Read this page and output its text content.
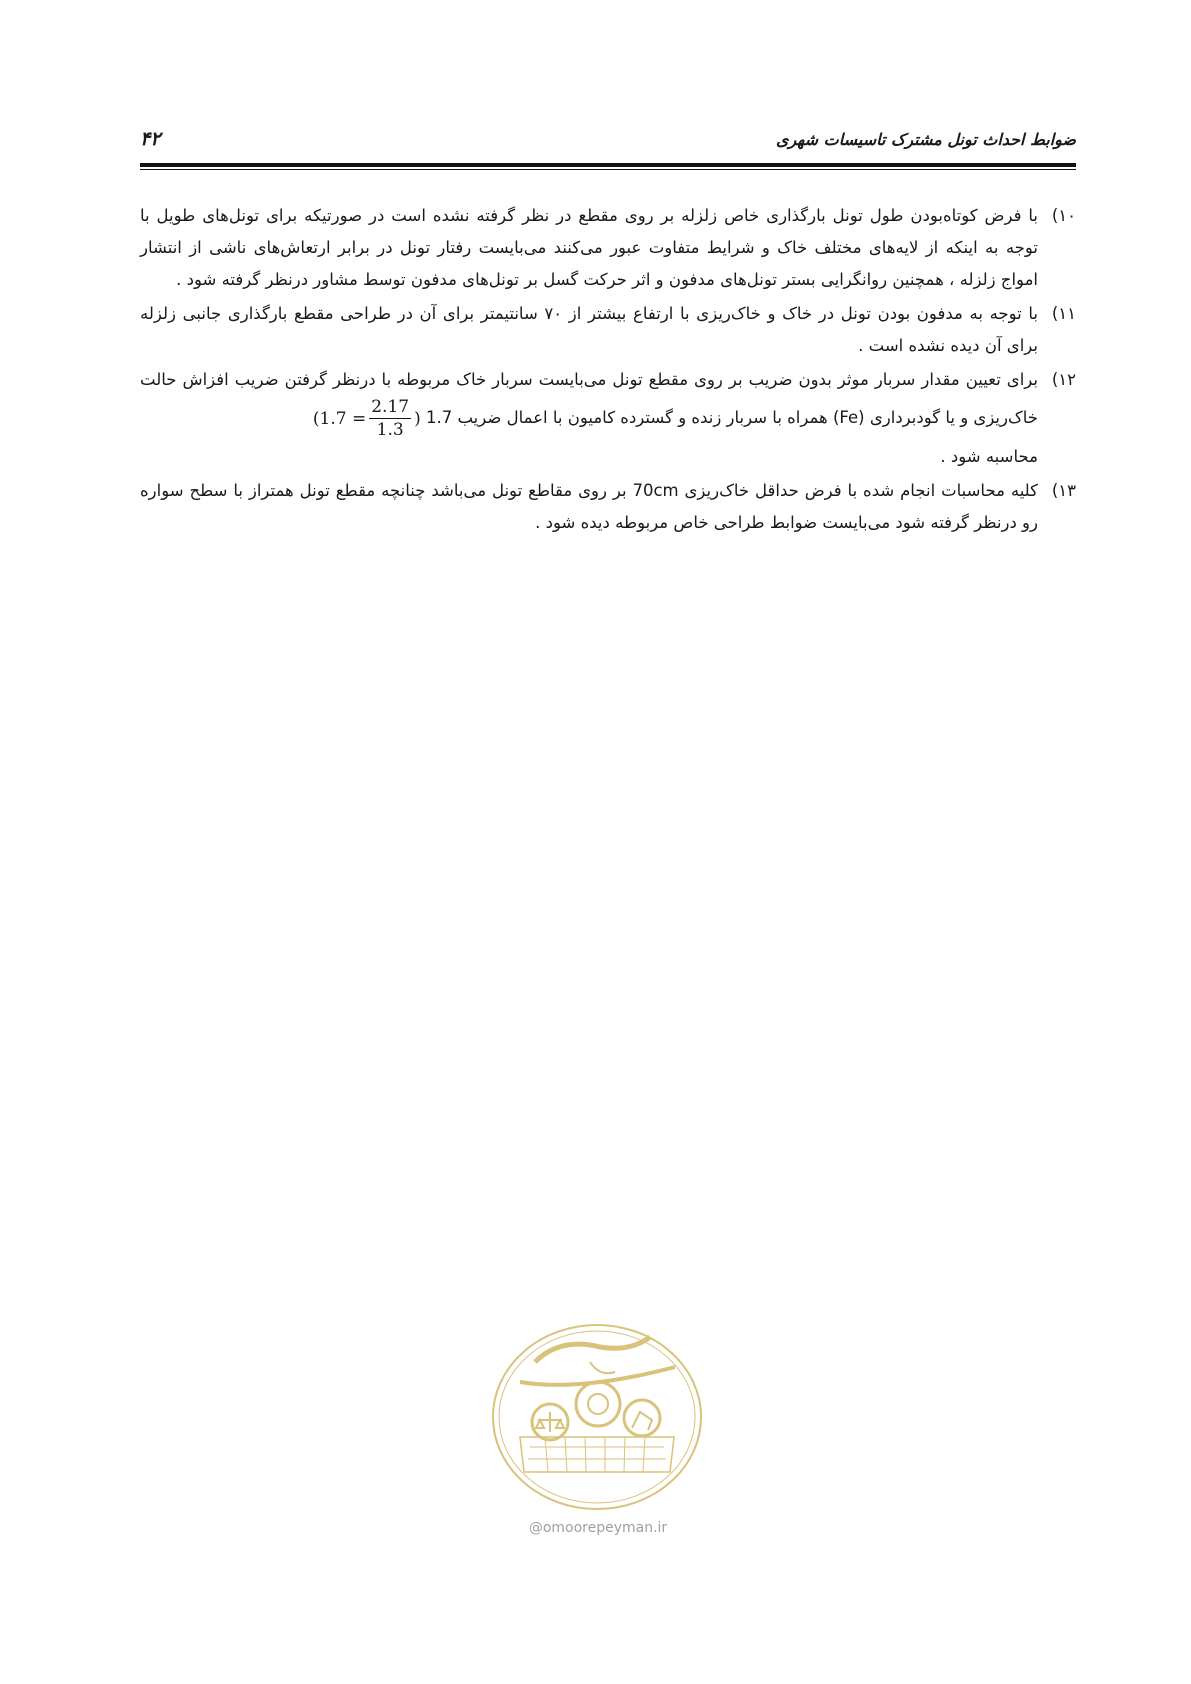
۴۲	ضوابط احداث تونل مشترک تاسیسات شهری
۱۰)
با فرض کوتاه‌بودن طول تونل بارگذاری خاص زلزله بر روی مقطع در نظر گرفته نشده است در صورتیکه برای تونل‌های طویل با توجه به اینکه از لایه‌های مختلف خاک و شرایط متفاوت عبور می‌کنند می‌بایست رفتار تونل در برابر ارتعاش‌های ناشی از انتشار امواج زلزله ، همچنین روانگرایی بستر تونل‌های مدفون و اثر حرکت گسل بر تونل‌های مدفون توسط مشاور درنظر گرفته شود .
۱۱)
با توجه به مدفون بودن تونل در خاک و خاک‌ریزی با ارتفاع بیشتر از ۷۰ سانتیمتر برای آن در طراحی مقطع بارگذاری جانبی زلزله برای آن دیده نشده است .
۱۲)
برای تعیین مقدار سربار موثر بدون ضریب بر روی مقطع تونل می‌بایست سربار خاک مربوطه با درنظر گرفتن ضریب افزاش حالت خاک‌ریزی و یا گودبرداری (Fe) همراه با سربار زنده و گسترده کامیون با اعمال ضریب 1.7
( $1.7 = \frac{2.17}{1.3}$ )

محاسبه شود .
۱۳)
کلیه محاسبات انجام شده با فرض حداقل خاک‌ریزی 70cm بر روی مقاطع تونل می‌باشد چنانچه مقطع تونل همتراز با سطح سواره رو درنظر گرفته شود می‌بایست ضوابط طراحی خاص مربوطه دیده شود .
@omoorepeyman.ir
